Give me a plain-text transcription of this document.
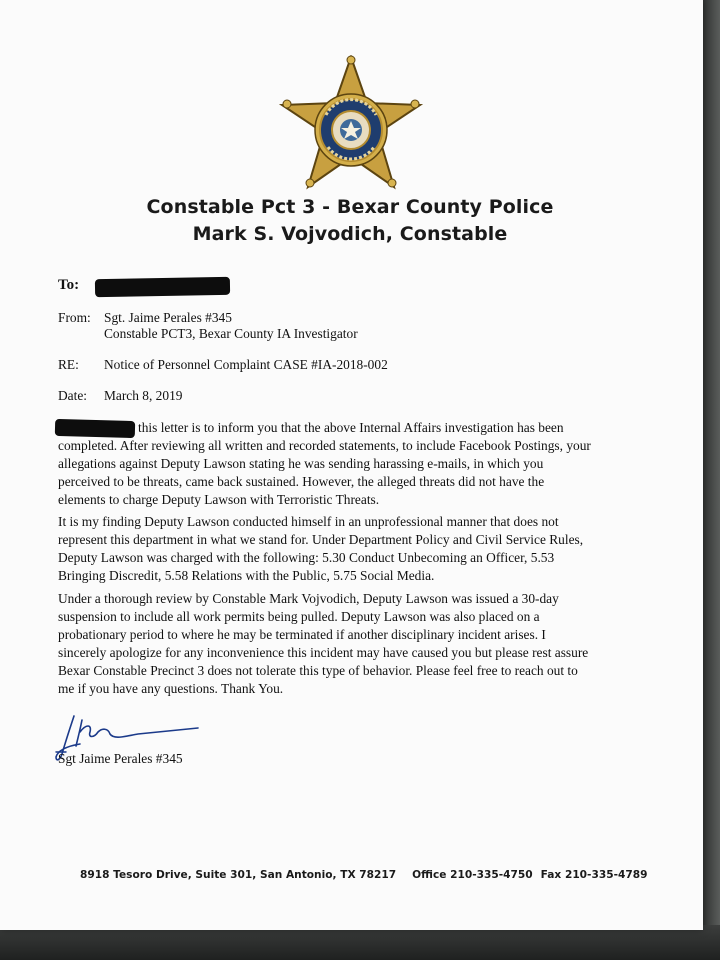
Constable Pct 3 - Bexar County Police
Mark S. Vojvodich, Constable
To:
From: Sgt. Jaime Perales #345
Constable PCT3, Bexar County IA Investigator
RE: Notice of Personnel Complaint CASE #IA-2018-002
Date: March 8, 2019
this letter is to inform you that the above Internal Affairs investigation has been
completed. After reviewing all written and recorded statements, to include Facebook Postings, your
allegations against Deputy Lawson stating he was sending harassing e-mails, in which you
perceived to be threats, came back sustained. However, the alleged threats did not have the
elements to charge Deputy Lawson with Terroristic Threats.
It is my finding Deputy Lawson conducted himself in an unprofessional manner that does not
represent this department in what we stand for. Under Department Policy and Civil Service Rules,
Deputy Lawson was charged with the following: 5.30 Conduct Unbecoming an Officer, 5.53
Bringing Discredit, 5.58 Relations with the Public, 5.75 Social Media.
Under a thorough review by Constable Mark Vojvodich, Deputy Lawson was issued a 30-day
suspension to include all work permits being pulled. Deputy Lawson was also placed on a
probationary period to where he may be terminated if another disciplinary incident arises. I
sincerely apologize for any inconvenience this incident may have caused you but please rest assure
Bexar Constable Precinct 3 does not tolerate this type of behavior. Please feel free to reach out to
me if you have any questions. Thank You.
Sgt Jaime Perales #345
8918 Tesoro Drive, Suite 301, San Antonio, TX 78217 Office 210-335-4750 Fax 210-335-4789
